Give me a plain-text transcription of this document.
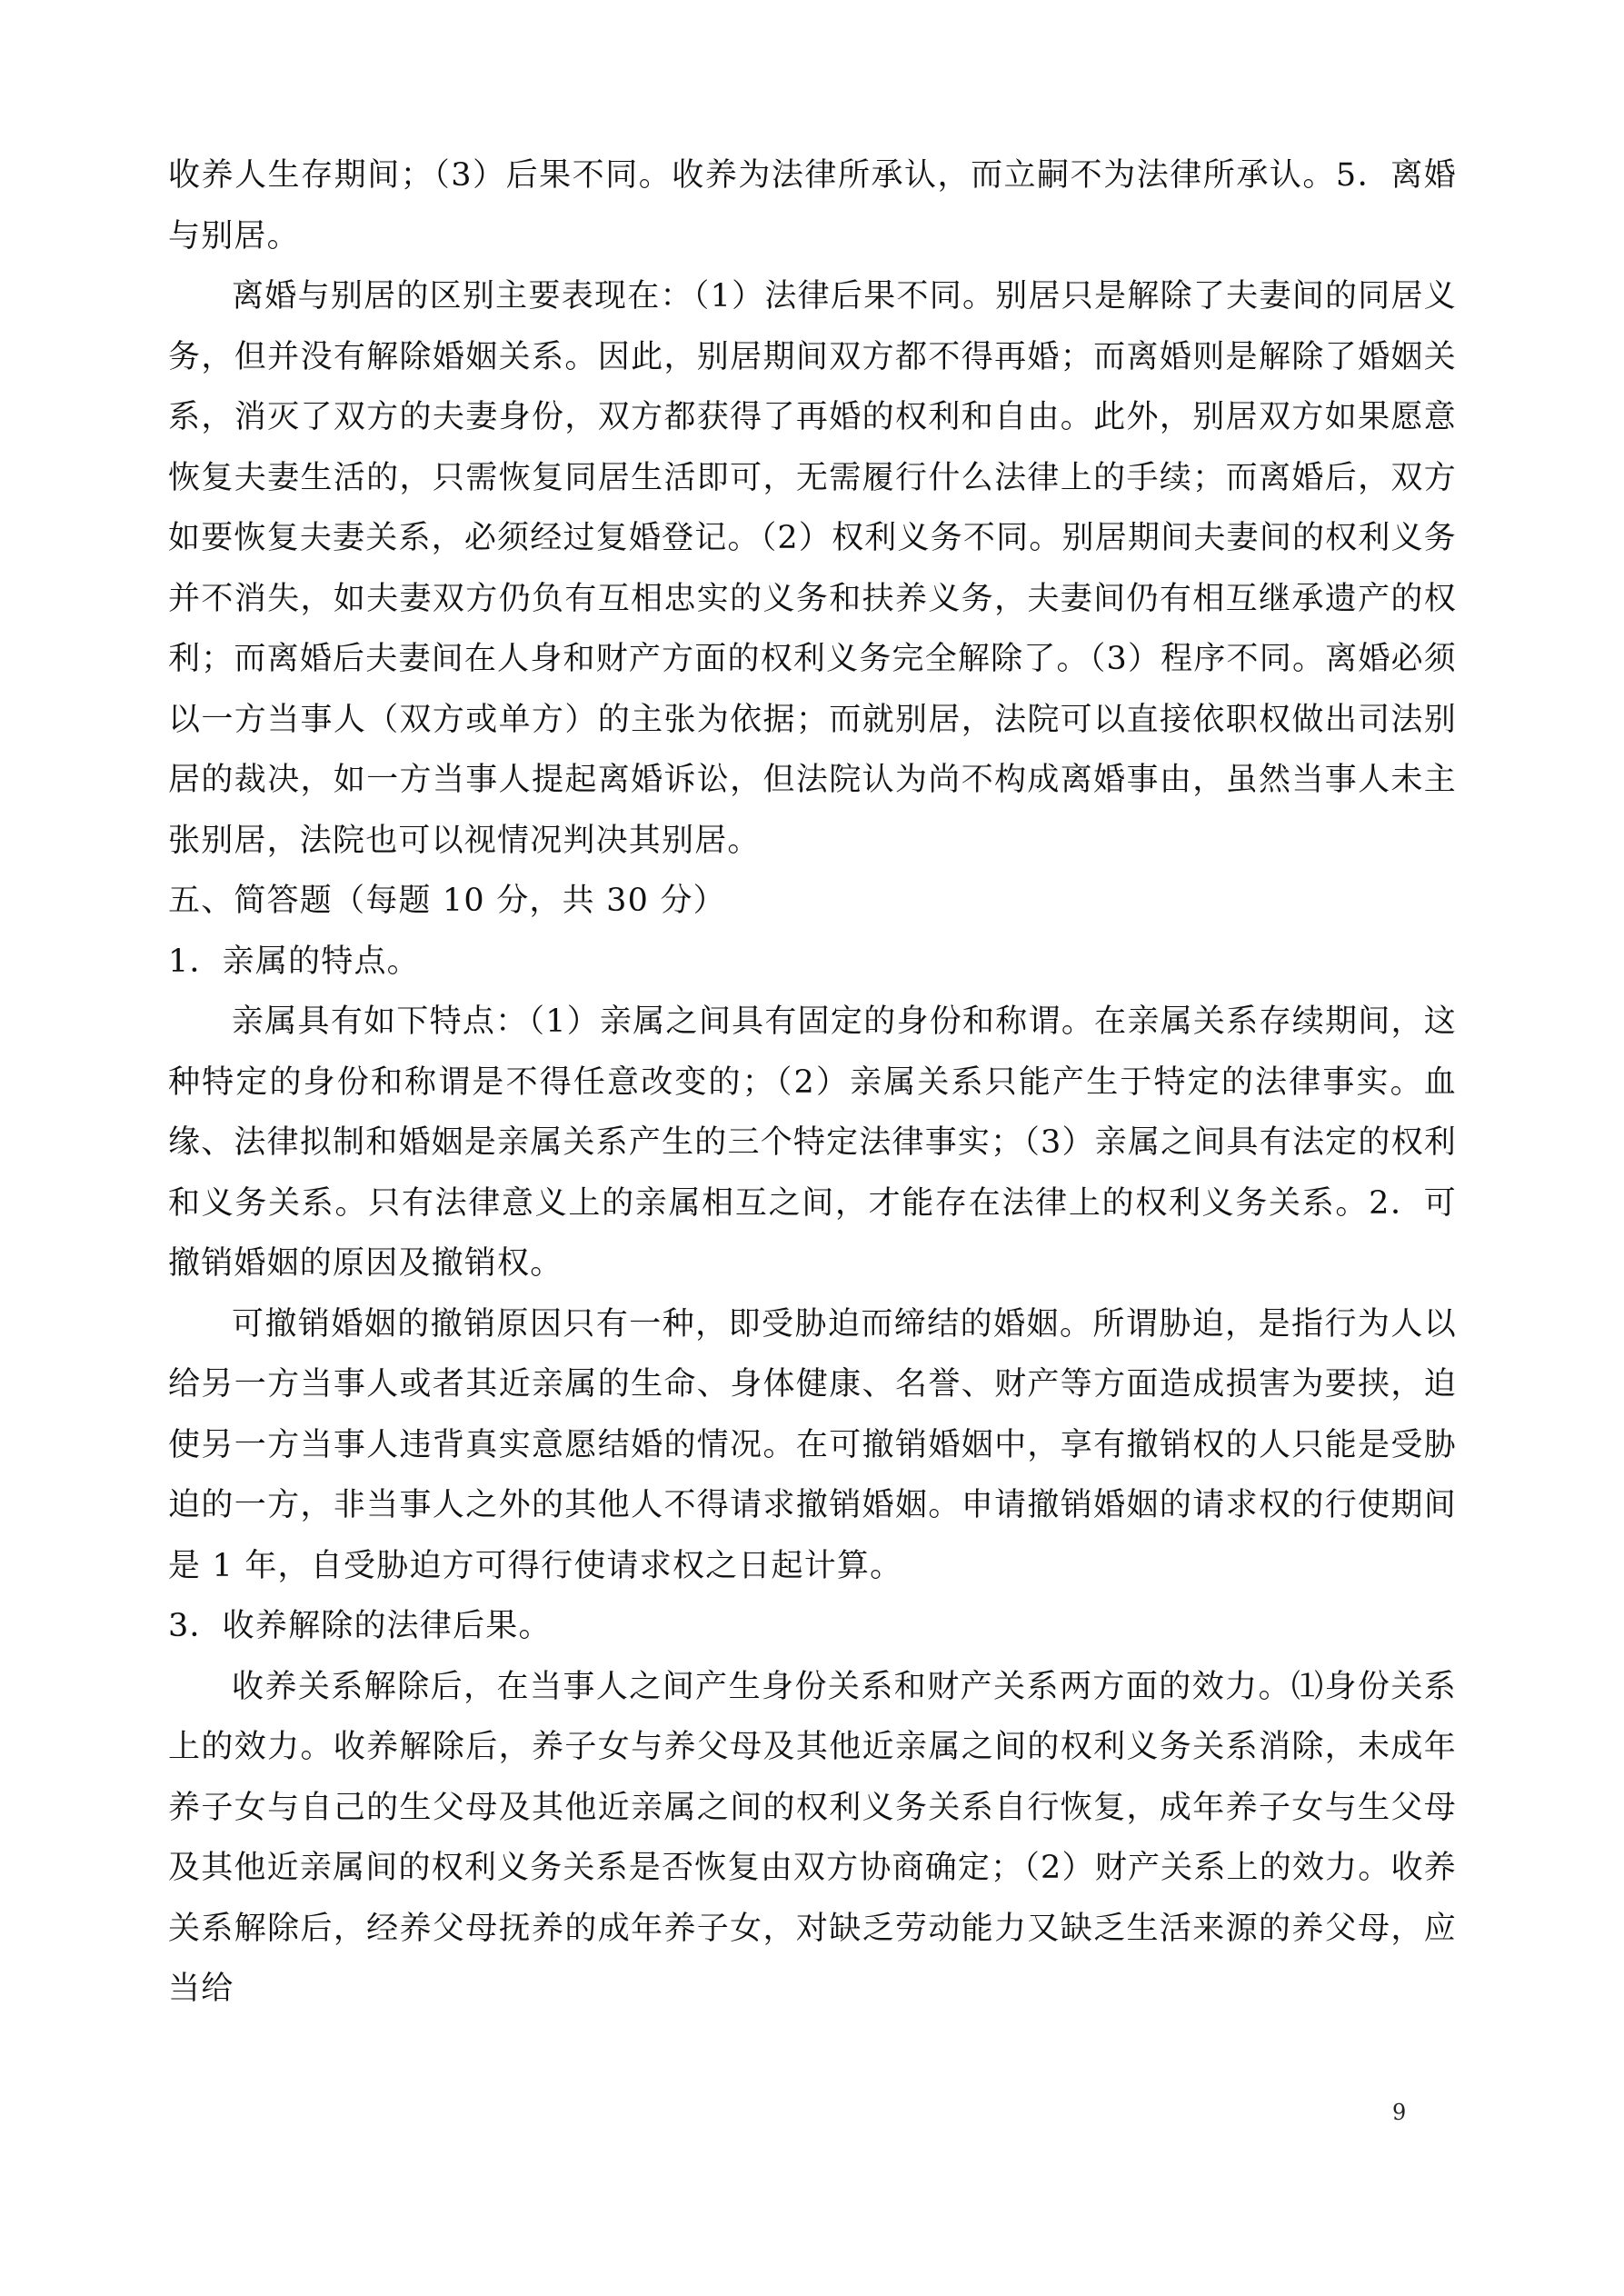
收养人生存期间；（3）后果不同。收养为法律所承认，而立嗣不为法律所承认。5．离婚与别居。

离婚与别居的区别主要表现在：（1）法律后果不同。别居只是解除了夫妻间的同居义务，但并没有解除婚姻关系。因此，别居期间双方都不得再婚；而离婚则是解除了婚姻关系，消灭了双方的夫妻身份，双方都获得了再婚的权利和自由。此外，别居双方如果愿意恢复夫妻生活的，只需恢复同居生活即可，无需履行什么法律上的手续；而离婚后，双方如要恢复夫妻关系，必须经过复婚登记。（2）权利义务不同。别居期间夫妻间的权利义务并不消失，如夫妻双方仍负有互相忠实的义务和扶养义务，夫妻间仍有相互继承遗产的权利；而离婚后夫妻间在人身和财产方面的权利义务完全解除了。（3）程序不同。离婚必须以一方当事人（双方或单方）的主张为依据；而就别居，法院可以直接依职权做出司法别居的裁决，如一方当事人提起离婚诉讼，但法院认为尚不构成离婚事由，虽然当事人未主张别居，法院也可以视情况判决其别居。

五、简答题（每题 10 分，共 30 分）

1．亲属的特点。

亲属具有如下特点：（1）亲属之间具有固定的身份和称谓。在亲属关系存续期间，这种特定的身份和称谓是不得任意改变的；（2）亲属关系只能产生于特定的法律事实。血缘、法律拟制和婚姻是亲属关系产生的三个特定法律事实；（3）亲属之间具有法定的权利和义务关系。只有法律意义上的亲属相互之间，才能存在法律上的权利义务关系。2．可撤销婚姻的原因及撤销权。

可撤销婚姻的撤销原因只有一种，即受胁迫而缔结的婚姻。所谓胁迫，是指行为人以给另一方当事人或者其近亲属的生命、身体健康、名誉、财产等方面造成损害为要挟，迫使另一方当事人违背真实意愿结婚的情况。在可撤销婚姻中，享有撤销权的人只能是受胁迫的一方，非当事人之外的其他人不得请求撤销婚姻。申请撤销婚姻的请求权的行使期间是 1 年，自受胁迫方可得行使请求权之日起计算。

3．收养解除的法律后果。

收养关系解除后，在当事人之间产生身份关系和财产关系两方面的效力。⑴身份关系上的效力。收养解除后，养子女与养父母及其他近亲属之间的权利义务关系消除，未成年养子女与自己的生父母及其他近亲属之间的权利义务关系自行恢复，成年养子女与生父母及其他近亲属间的权利义务关系是否恢复由双方协商确定；（2）财产关系上的效力。收养关系解除后，经养父母抚养的成年养子女，对缺乏劳动能力又缺乏生活来源的养父母，应当给

9
